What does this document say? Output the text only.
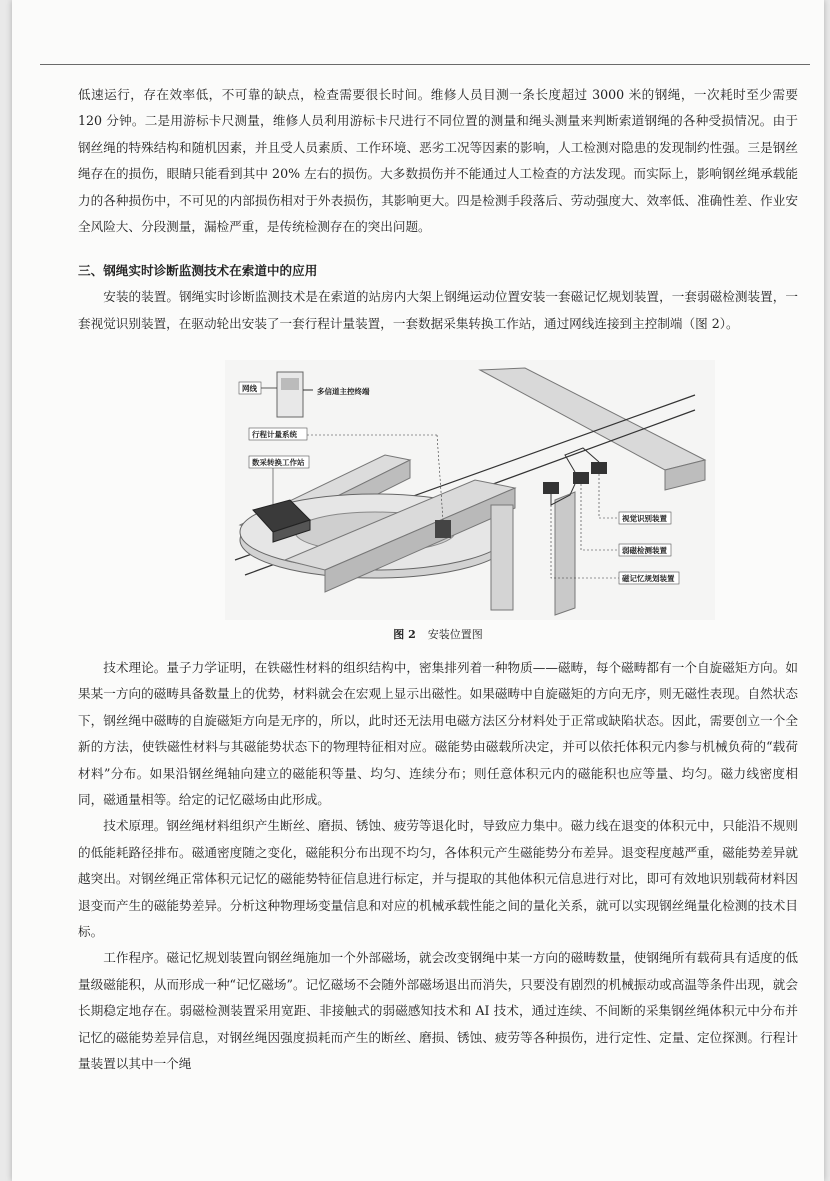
低速运行，存在效率低，不可靠的缺点，检查需要很长时间。维修人员目测一条长度超过 3000 米的钢绳，一次耗时至少需要 120 分钟。二是用游标卡尺测量，维修人员利用游标卡尺进行不同位置的测量和绳头测量来判断索道钢绳的各种受损情况。由于钢丝绳的特殊结构和随机因素，并且受人员素质、工作环境、恶劣工况等因素的影响，人工检测对隐患的发现制约性强。三是钢丝绳存在的损伤，眼睛只能看到其中 20% 左右的损伤。大多数损伤并不能通过人工检查的方法发现。而实际上，影响钢丝绳承载能力的各种损伤中，不可见的内部损伤相对于外表损伤，其影响更大。四是检测手段落后、劳动强度大、效率低、准确性差、作业安全风险大、分段测量，漏检严重，是传统检测存在的突出问题。

三、钢绳实时诊断监测技术在索道中的应用

安装的装置。钢绳实时诊断监测技术是在索道的站房内大架上钢绳运动位置安装一套磁记忆规划装置，一套弱磁检测装置，一套视觉识别装置，在驱动轮出安装了一套行程计量装置，一套数据采集转换工作站，通过网线连接到主控制端（图 2）。

网线	多信道主控终端
行程计量系统
数采转换工作站
视觉识别装置
弱磁检测装置
磁记忆规划装置
图 2 安装位置图

技术理论。量子力学证明，在铁磁性材料的组织结构中，密集排列着一种物质——磁畴，每个磁畴都有一个自旋磁矩方向。如果某一方向的磁畴具备数量上的优势，材料就会在宏观上显示出磁性。如果磁畴中自旋磁矩的方向无序，则无磁性表现。自然状态下，钢丝绳中磁畴的自旋磁矩方向是无序的，所以，此时还无法用电磁方法区分材料处于正常或缺陷状态。因此，需要创立一个全新的方法，使铁磁性材料与其磁能势状态下的物理特征相对应。磁能势由磁载所决定，并可以依托体积元内参与机械负荷的“载荷材料”分布。如果沿钢丝绳轴向建立的磁能积等量、均匀、连续分布；则任意体积元内的磁能积也应等量、均匀。磁力线密度相同，磁通量相等。给定的记忆磁场由此形成。

技术原理。钢丝绳材料组织产生断丝、磨损、锈蚀、疲劳等退化时，导致应力集中。磁力线在退变的体积元中，只能沿不规则的低能耗路径排布。磁通密度随之变化，磁能积分布出现不均匀，各体积元产生磁能势分布差异。退变程度越严重，磁能势差异就越突出。对钢丝绳正常体积元记忆的磁能势特征信息进行标定，并与提取的其他体积元信息进行对比，即可有效地识别载荷材料因退变而产生的磁能势差异。分析这种物理场变量信息和对应的机械承载性能之间的量化关系，就可以实现钢丝绳量化检测的技术目标。

工作程序。磁记忆规划装置向钢丝绳施加一个外部磁场，就会改变钢绳中某一方向的磁畴数量，使钢绳所有载荷具有适度的低量级磁能积，从而形成一种“记忆磁场”。记忆磁场不会随外部磁场退出而消失，只要没有剧烈的机械振动或高温等条件出现，就会长期稳定地存在。弱磁检测装置采用宽距、非接触式的弱磁感知技术和 AI 技术，通过连续、不间断的采集钢丝绳体积元中分布并记忆的磁能势差异信息，对钢丝绳因强度损耗而产生的断丝、磨损、锈蚀、疲劳等各种损伤，进行定性、定量、定位探测。行程计量装置以其中一个绳
